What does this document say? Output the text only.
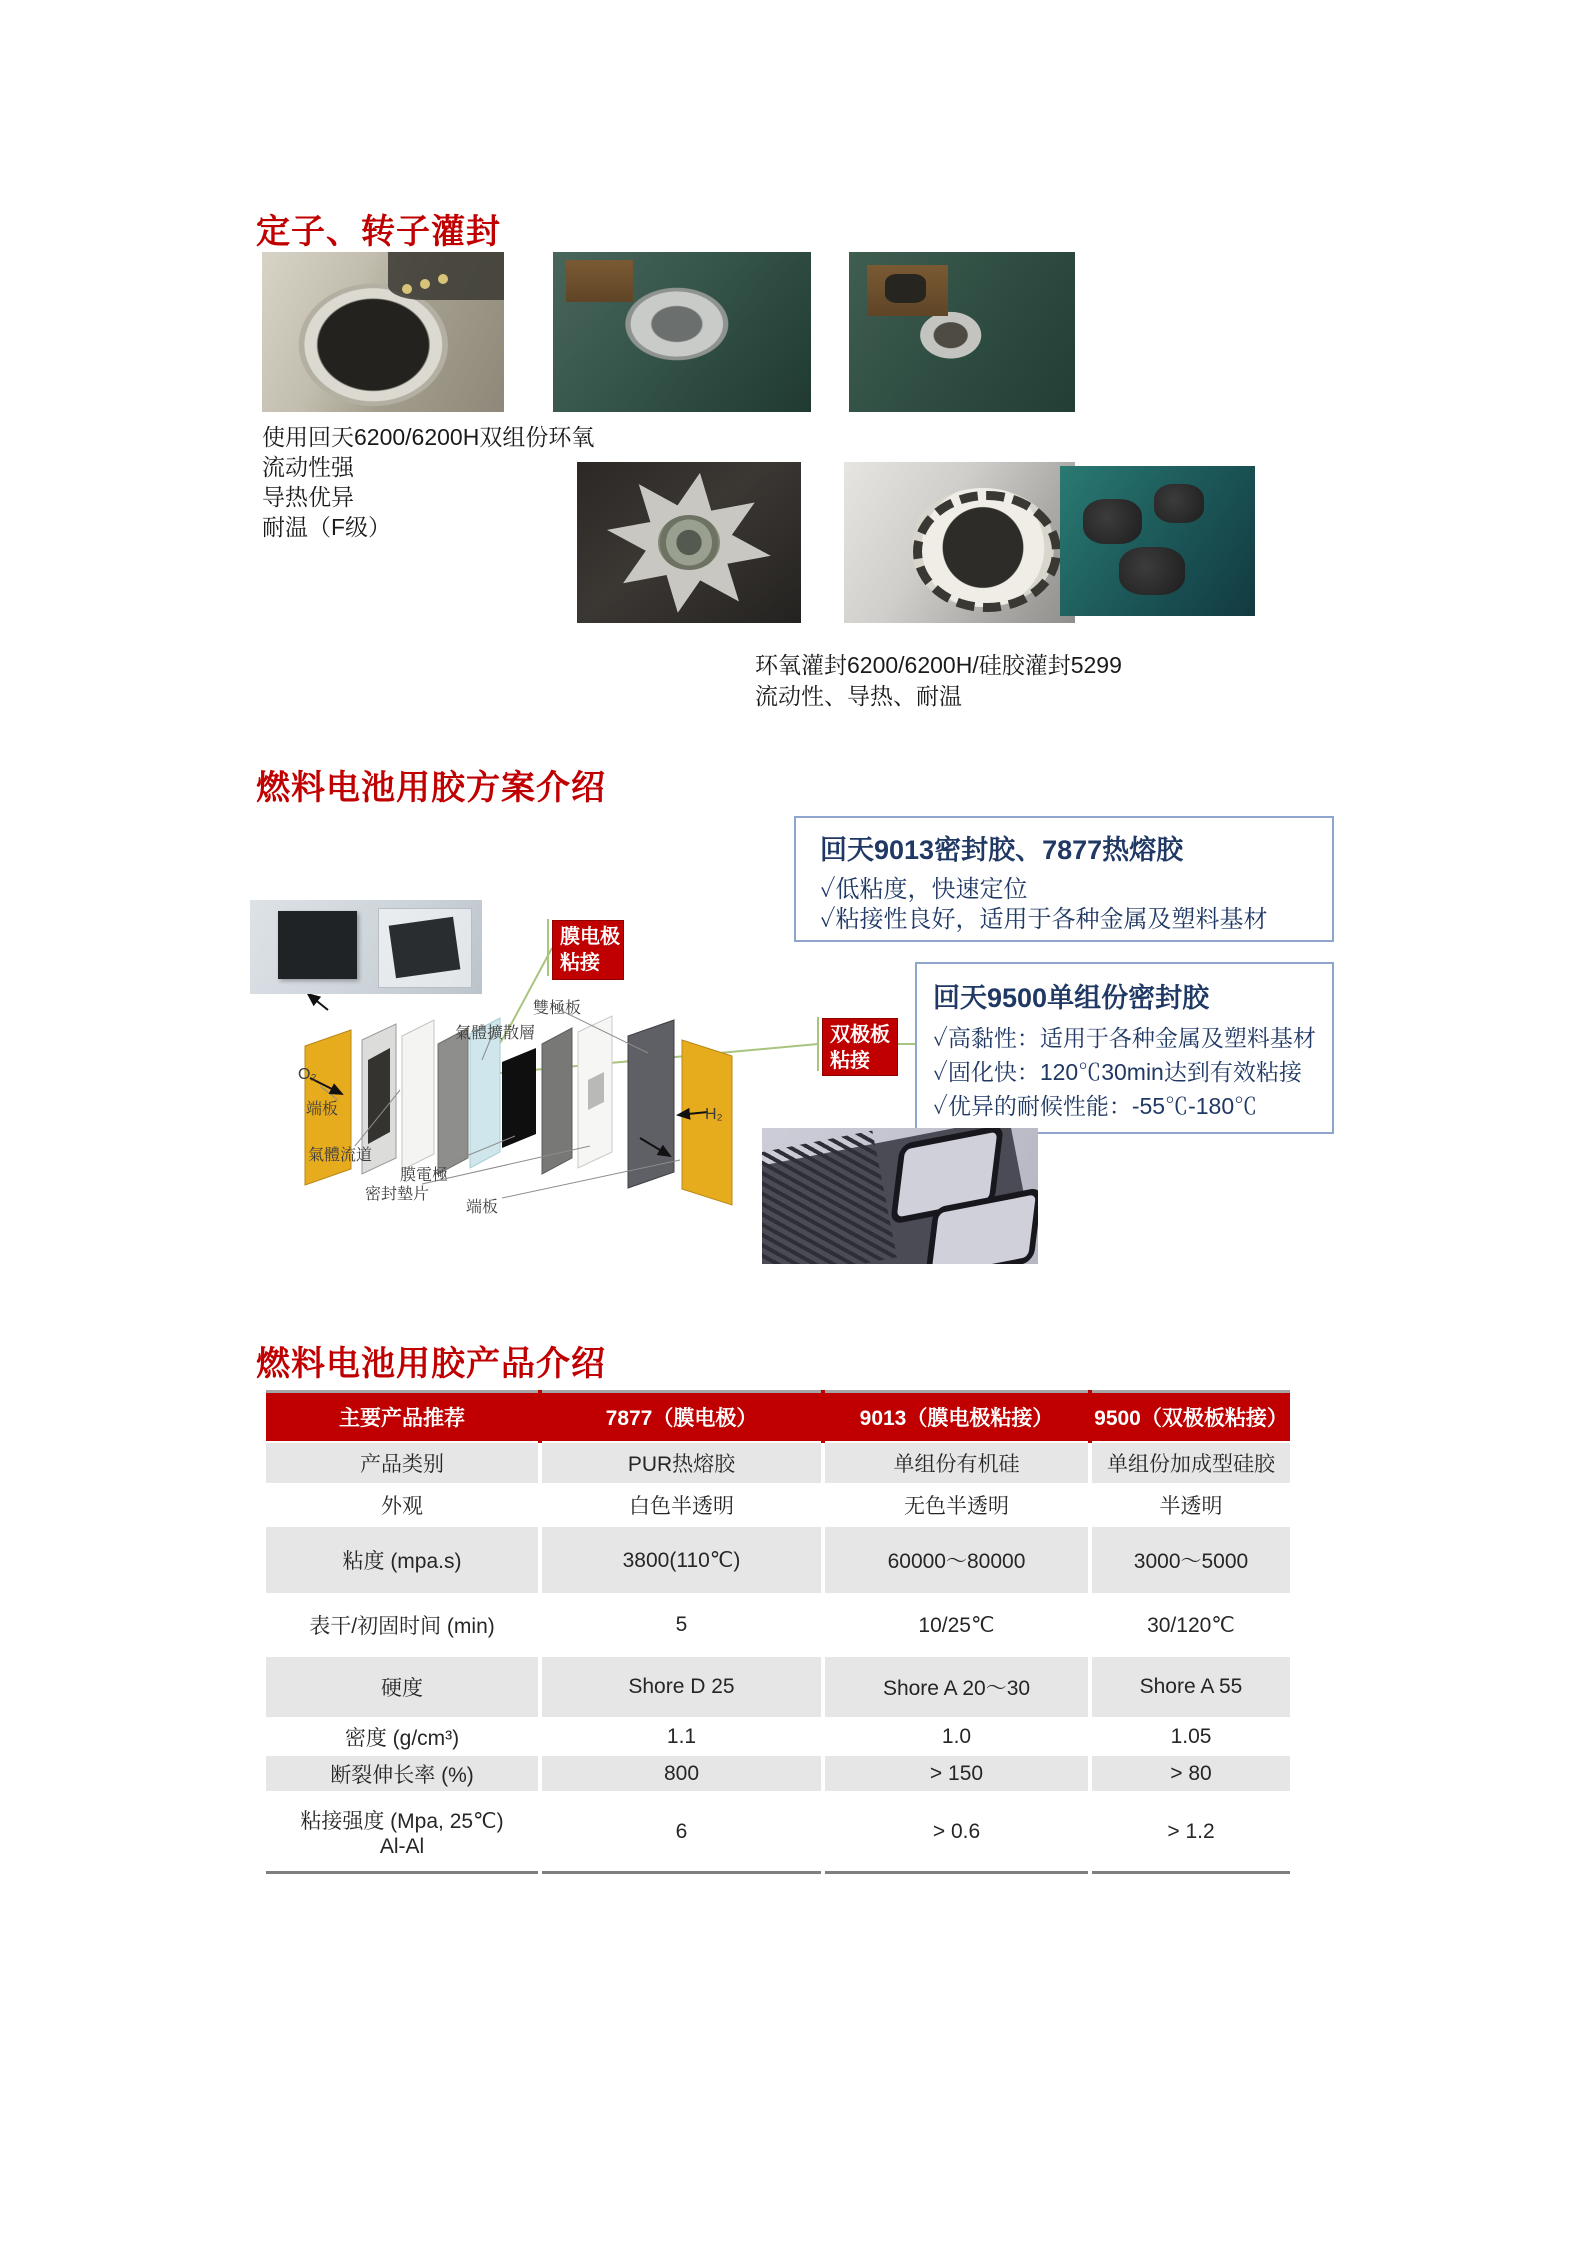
定子、转子灌封
使用回天6200/6200H双组份环氧
流动性强
导热优异
耐温（F级）
环氧灌封6200/6200H/硅胶灌封5299
流动性、导热、耐温
燃料电池用胶方案介绍
膜电极
粘接
双极板
粘接
雙極板
氣體擴散層
O₂
端板
氣體流道
膜電極
密封墊片
端板
H₂
回天9013密封胶、7877热熔胶
✓低粘度，快速定位
✓粘接性良好，适用于各种金属及塑料基材
回天9500单组份密封胶
✓高黏性：适用于各种金属及塑料基材
✓固化快：120℃30min达到有效粘接
✓优异的耐候性能：-55℃-180℃
燃料电池用胶产品介绍
主要产品推荐	7877（膜电极）	9013（膜电极粘接）	9500（双极板粘接）
产品类别	PUR热熔胶	单组份有机硅	单组份加成型硅胶
外观	白色半透明	无色半透明	半透明
粘度 (mpa.s)	3800(110℃)	60000～80000	3000～5000
表干/初固时间 (min)	5	10/25℃	30/120℃
硬度	Shore D 25	Shore A 20～30	Shore A 55
密度 (g/cm³)	1.1	1.0	1.05
断裂伸长率 (%)	800	> 150	> 80

粘接强度 (Mpa, 25℃)
Al-Al	6	> 0.6	> 1.2
